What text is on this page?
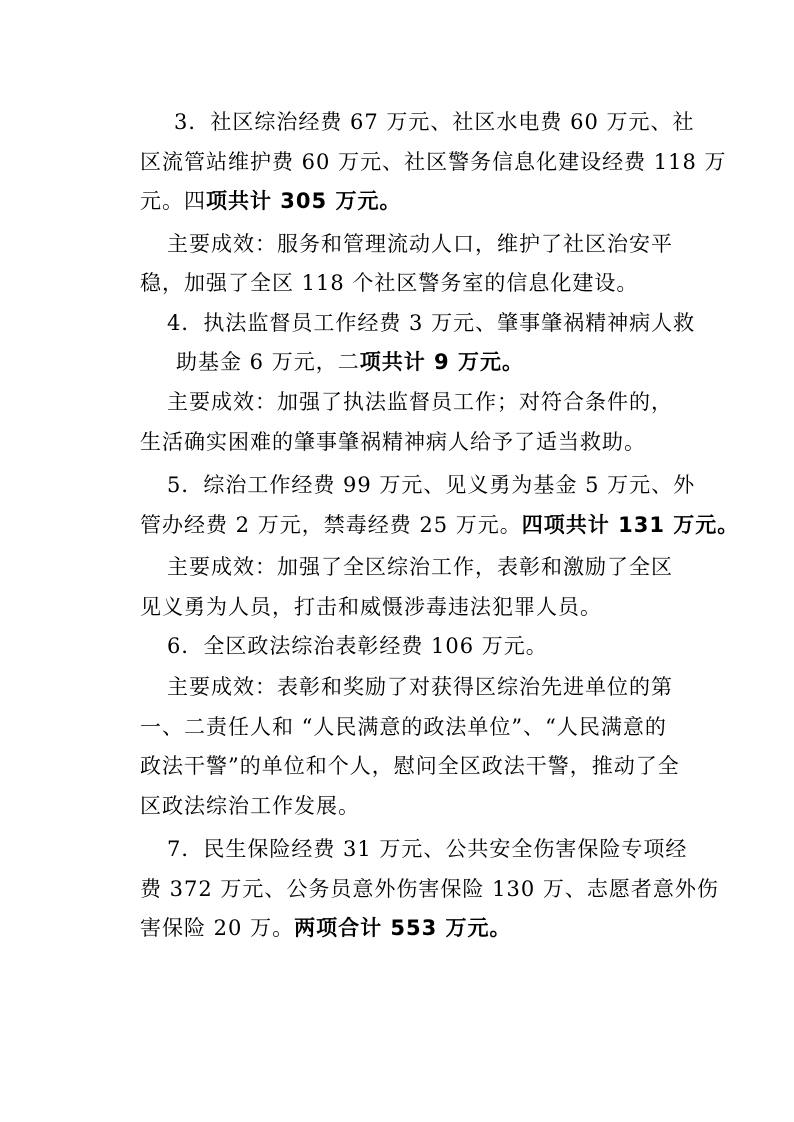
3．社区综治经费 67 万元、社区水电费 60 万元、社
区流管站维护费 60 万元、社区警务信息化建设经费 118 万
元。四项共计 305 万元。
主要成效：服务和管理流动人口，维护了社区治安平
稳，加强了全区 118 个社区警务室的信息化建设。
4．执法监督员工作经费 3 万元、肇事肇祸精神病人救
助基金 6 万元，二项共计 9 万元。
主要成效：加强了执法监督员工作；对符合条件的，
生活确实困难的肇事肇祸精神病人给予了适当救助。
5．综治工作经费 99 万元、见义勇为基金 5 万元、外
管办经费 2 万元，禁毒经费 25 万元。四项共计 131 万元。
主要成效：加强了全区综治工作，表彰和激励了全区
见义勇为人员，打击和威慑涉毒违法犯罪人员。
6．全区政法综治表彰经费 106 万元。
主要成效：表彰和奖励了对获得区综治先进单位的第
一、二责任人和 “人民满意的政法单位”、“人民满意的
政法干警”的单位和个人，慰问全区政法干警，推动了全
区政法综治工作发展。
7．民生保险经费 31 万元、公共安全伤害保险专项经
费 372 万元、公务员意外伤害保险 130 万、志愿者意外伤
害保险 20 万。两项合计 553 万元。
